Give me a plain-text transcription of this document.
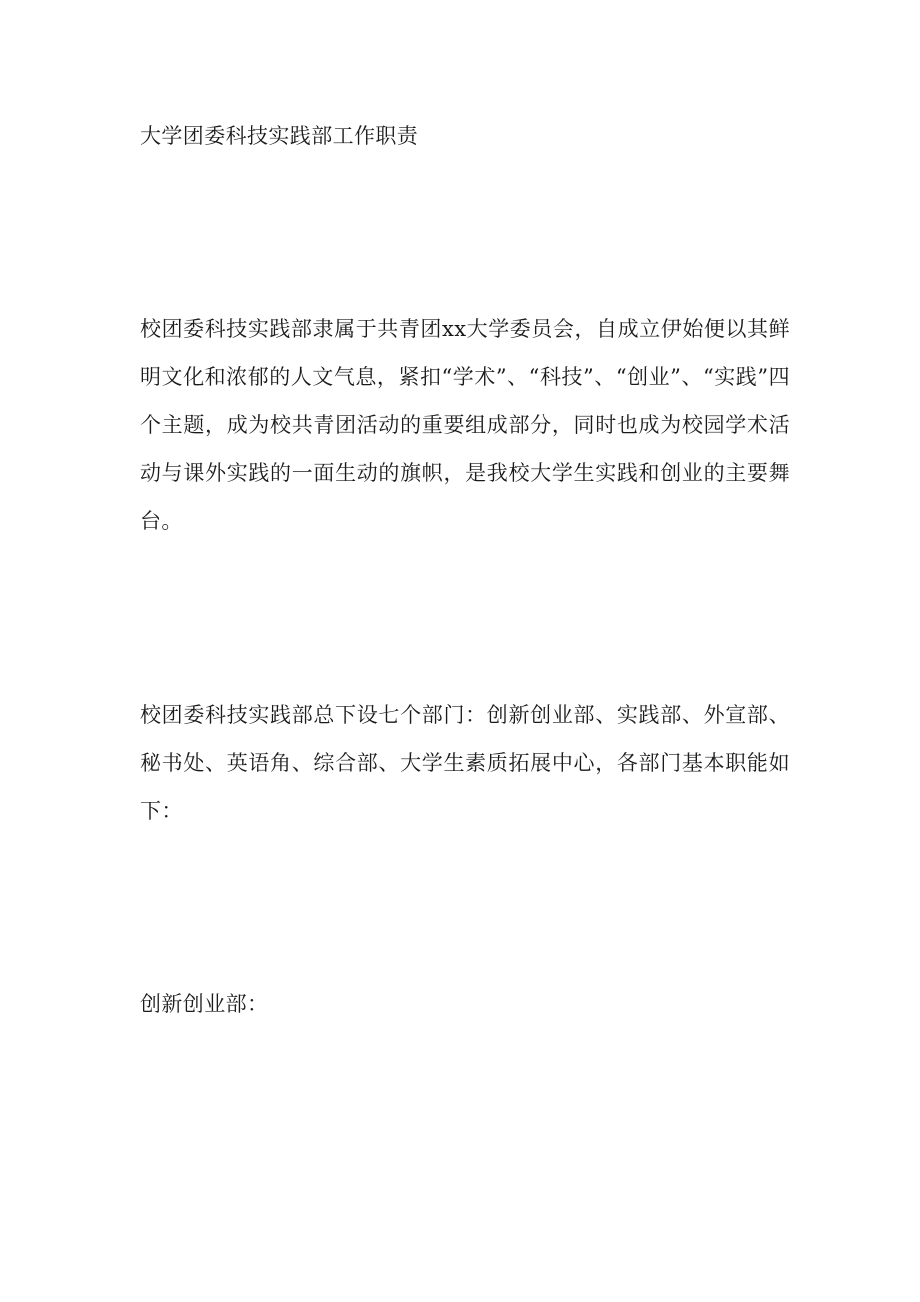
大学团委科技实践部工作职责

校团委科技实践部隶属于共青团xx大学委员会，自成立伊始便以其鲜明文化和浓郁的人文气息，紧扣“学术”、“科技”、“创业”、“实践”四个主题，成为校共青团活动的重要组成部分，同时也成为校园学术活动与课外实践的一面生动的旗帜，是我校大学生实践和创业的主要舞台。

校团委科技实践部总下设七个部门：创新创业部、实践部、外宣部、秘书处、英语角、综合部、大学生素质拓展中心，各部门基本职能如下：

创新创业部：
